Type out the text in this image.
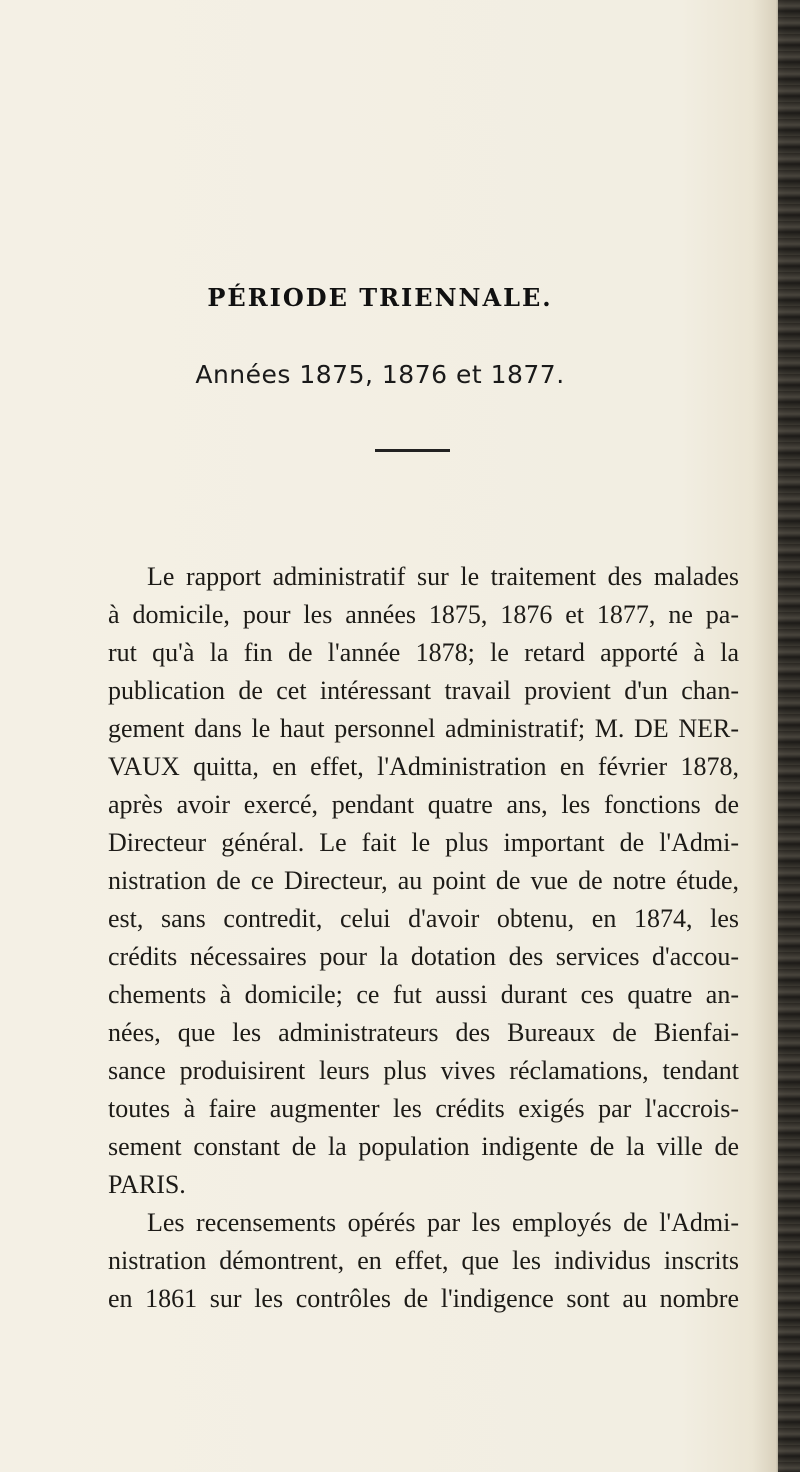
PÉRIODE TRIENNALE.
Années 1875, 1876 et 1877.
Le rapport administratif sur le traitement des malades
à domicile, pour les années 1875, 1876 et 1877, ne pa-
rut qu'à la fin de l'année 1878; le retard apporté à la
publication de cet intéressant travail provient d'un chan-
gement dans le haut personnel administratif; M. DE NER-
VAUX quitta, en effet, l'Administration en février 1878,
après avoir exercé, pendant quatre ans, les fonctions de
Directeur général. Le fait le plus important de l'Admi-
nistration de ce Directeur, au point de vue de notre étude,
est, sans contredit, celui d'avoir obtenu, en 1874, les
crédits nécessaires pour la dotation des services d'accou-
chements à domicile; ce fut aussi durant ces quatre an-
nées, que les administrateurs des Bureaux de Bienfai-
sance produisirent leurs plus vives réclamations, tendant
toutes à faire augmenter les crédits exigés par l'accrois-
sement constant de la population indigente de la ville de
PARIS.
Les recensements opérés par les employés de l'Admi-
nistration démontrent, en effet, que les individus inscrits
en 1861 sur les contrôles de l'indigence sont au nombre
